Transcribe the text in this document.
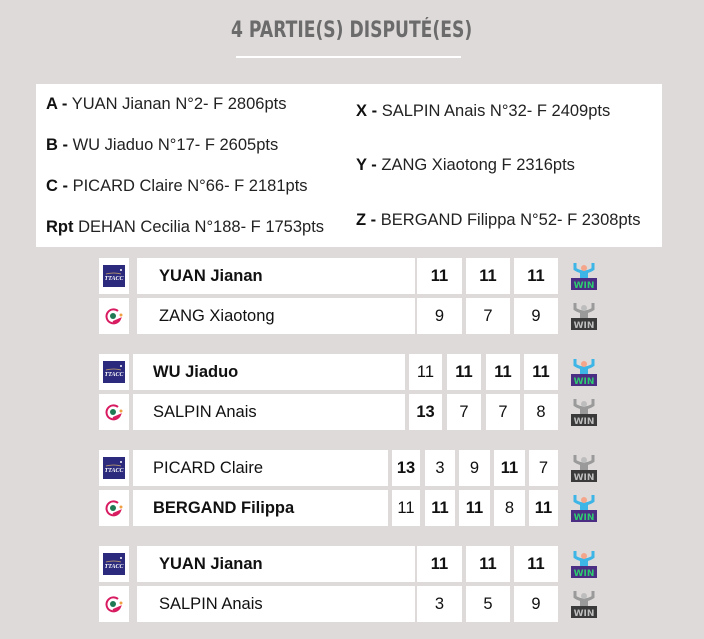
4 PARTIE(S) DISPUTÉ(ES)
A - YUAN Jianan N°2- F 2806pts
B - WU Jiaduo N°17- F 2605pts
C - PICARD Claire N°66- F 2181pts
Rpt DEHAN Cecilia N°188- F 1753pts
X - SALPIN Anais N°32- F 2409pts
Y - ZANG Xiaotong F 2316pts
Z - BERGAND Filippa N°52- F 2308pts
TTACC	YUAN Jianan	11	11	11
WIN
ZANG Xiaotong	9	7	9
WIN
TTACC	WU Jiaduo	11	11	11	11
WIN
SALPIN Anais	13	7	7	8
WIN
TTACC	PICARD Claire	13	3	9	11	7
WIN
BERGAND Filippa	11	11	11	8	11
WIN
TTACC	YUAN Jianan	11	11	11
WIN
SALPIN Anais	3	5	9
WIN
